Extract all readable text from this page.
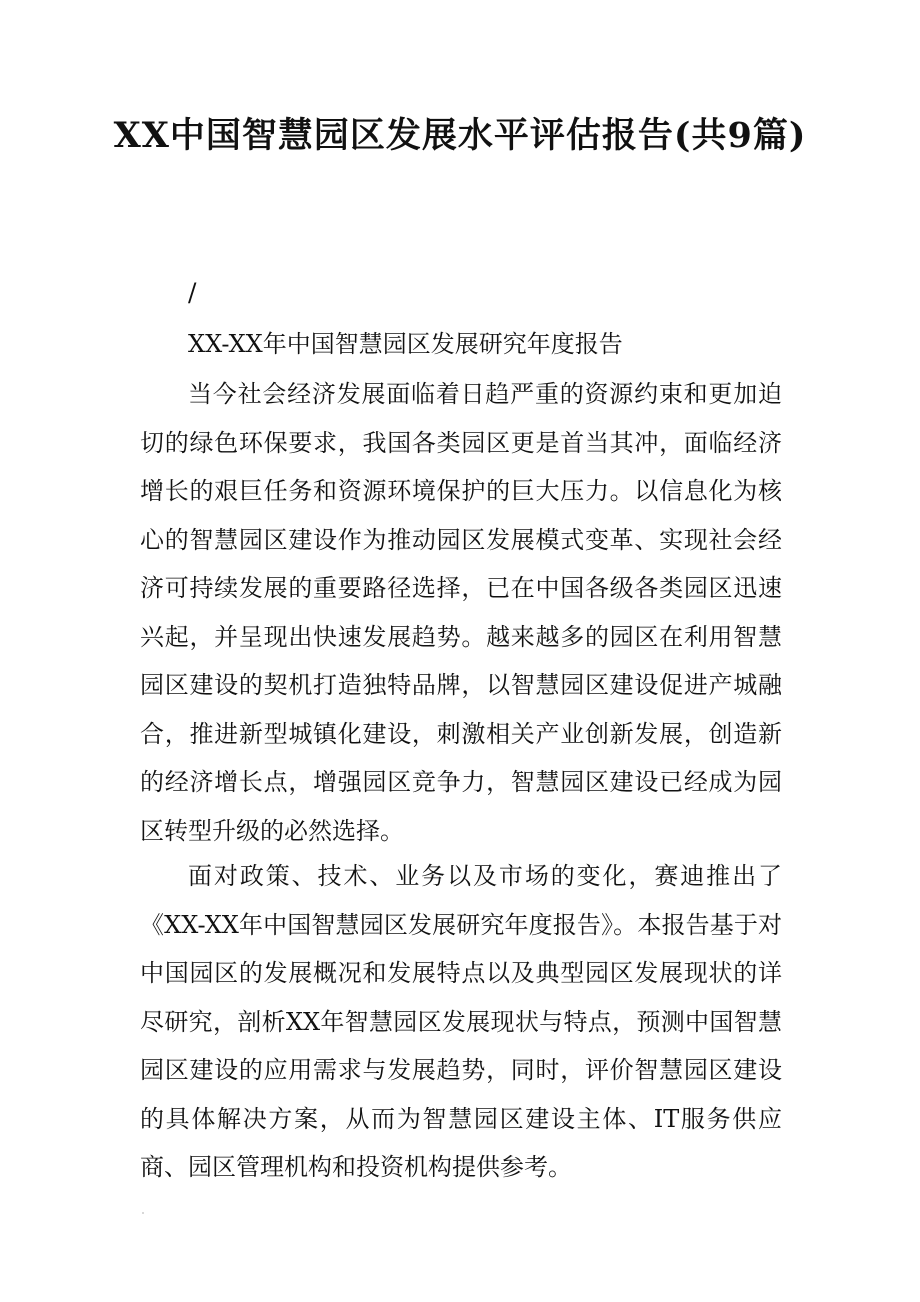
XX中国智慧园区发展水平评估报告(共9篇)

/

XX-XX年中国智慧园区发展研究年度报告

当今社会经济发展面临着日趋严重的资源约束和更加迫切的绿色环保要求，我国各类园区更是首当其冲，面临经济增长的艰巨任务和资源环境保护的巨大压力。以信息化为核心的智慧园区建设作为推动园区发展模式变革、实现社会经济可持续发展的重要路径选择，已在中国各级各类园区迅速兴起，并呈现出快速发展趋势。越来越多的园区在利用智慧园区建设的契机打造独特品牌，以智慧园区建设促进产城融合，推进新型城镇化建设，刺激相关产业创新发展，创造新的经济增长点，增强园区竞争力，智慧园区建设已经成为园区转型升级的必然选择。

面对政策、技术、业务以及市场的变化，赛迪推出了《XX-XX年中国智慧园区发展研究年度报告》。本报告基于对中国园区的发展概况和发展特点以及典型园区发展现状的详尽研究，剖析XX年智慧园区发展现状与特点，预测中国智慧园区建设的应用需求与发展趋势，同时，评价智慧园区建设的具体解决方案，从而为智慧园区建设主体、IT服务供应商、园区管理机构和投资机构提供参考。
